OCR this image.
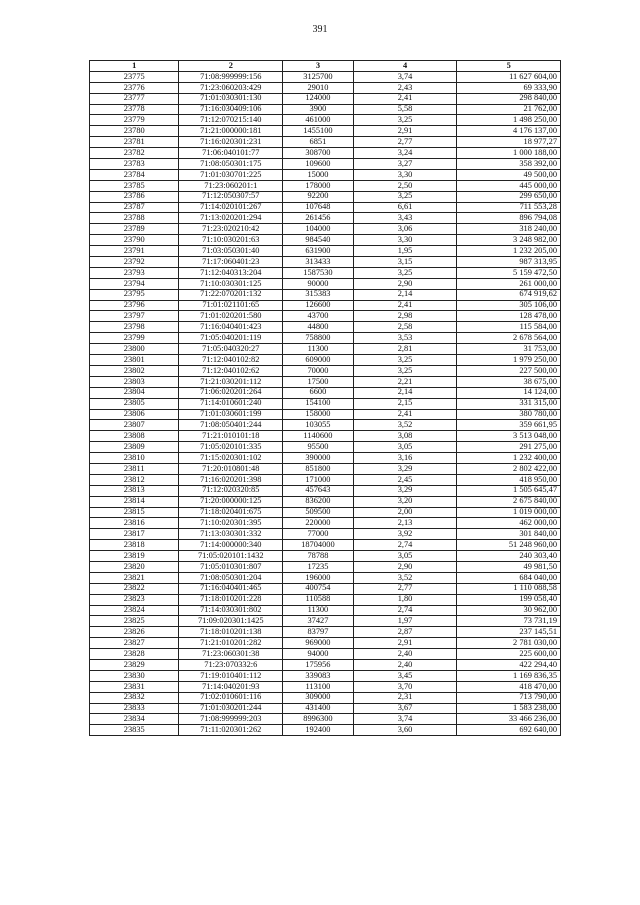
391
1	2	3	4	5
23775	71:08:999999:156	3125700	3,74	11 627 604,00
23776	71:23:060203:429	29010	2,43	69 333,90
23777	71:01:030301:130	124000	2,41	298 840,00
23778	71:16:030409:106	3900	5,58	21 762,00
23779	71:12:070215:140	461000	3,25	1 498 250,00
23780	71:21:000000:181	1455100	2,91	4 176 137,00
23781	71:16:020301:231	6851	2,77	18 977,27
23782	71:06:040101:77	308700	3,24	1 000 188,00
23783	71:08:050301:175	109600	3,27	358 392,00
23784	71:01:030701:225	15000	3,30	49 500,00
23785	71:23:060201:1	178000	2,50	445 000,00
23786	71:12:050307:57	92200	3,25	299 650,00
23787	71:14:020101:267	107648	6,61	711 553,28
23788	71:13:020201:294	261456	3,43	896 794,08
23789	71:23:020210:42	104000	3,06	318 240,00
23790	71:10:030201:63	984540	3,30	3 248 982,00
23791	71:03:050301:40	631900	1,95	1 232 205,00
23792	71:17:060401:23	313433	3,15	987 313,95
23793	71:12:040313:204	1587530	3,25	5 159 472,50
23794	71:10:030301:125	90000	2,90	261 000,00
23795	71:22:070201:132	315383	2,14	674 919,62
23796	71:01:021101:65	126600	2,41	305 106,00
23797	71:01:020201:580	43700	2,98	128 478,00
23798	71:16:040401:423	44800	2,58	115 584,00
23799	71:05:040201:119	758800	3,53	2 678 564,00
23800	71:05:040320:27	11300	2,81	31 753,00
23801	71:12:040102:82	609000	3,25	1 979 250,00
23802	71:12:040102:62	70000	3,25	227 500,00
23803	71:21:030201:112	17500	2,21	38 675,00
23804	71:06:020201:264	6600	2,14	14 124,00
23805	71:14:010601:240	154100	2,15	331 315,00
23806	71:01:030601:199	158000	2,41	380 780,00
23807	71:08:050401:244	103055	3,52	359 661,95
23808	71:21:010101:18	1140600	3,08	3 513 048,00
23809	71:05:020101:335	95500	3,05	291 275,00
23810	71:15:020301:102	390000	3,16	1 232 400,00
23811	71:20:010801:48	851800	3,29	2 802 422,00
23812	71:16:020201:398	171000	2,45	418 950,00
23813	71:12:020320:85	457643	3,29	1 505 645,47
23814	71:20:000000:125	836200	3,20	2 675 840,00
23815	71:18:020401:675	509500	2,00	1 019 000,00
23816	71:10:020301:395	220000	2,13	462 000,00
23817	71:13:030301:332	77000	3,92	301 840,00
23818	71:14:000000:340	18704000	2,74	51 248 960,00
23819	71:05:020101:1432	78788	3,05	240 303,40
23820	71:05:010301:807	17235	2,90	49 981,50
23821	71:08:050301:204	196000	3,52	684 040,00
23822	71:16:040401:465	400754	2,77	1 110 088,58
23823	71:18:010201:228	110588	1,80	199 058,40
23824	71:14:030301:802	11300	2,74	30 962,00
23825	71:09:020301:1425	37427	1,97	73 731,19
23826	71:18:010201:138	83797	2,87	237 145,51
23827	71:21:010201:282	969000	2,91	2 781 030,00
23828	71:23:060301:38	94000	2,40	225 600,00
23829	71:23:070332:6	175956	2,40	422 294,40
23830	71:19:010401:112	339083	3,45	1 169 836,35
23831	71:14:040201:93	113100	3,70	418 470,00
23832	71:02:010601:116	309000	2,31	713 790,00
23833	71:01:030201:244	431400	3,67	1 583 238,00
23834	71:08:999999:203	8996300	3,74	33 466 236,00
23835	71:11:020301:262	192400	3,60	692 640,00
